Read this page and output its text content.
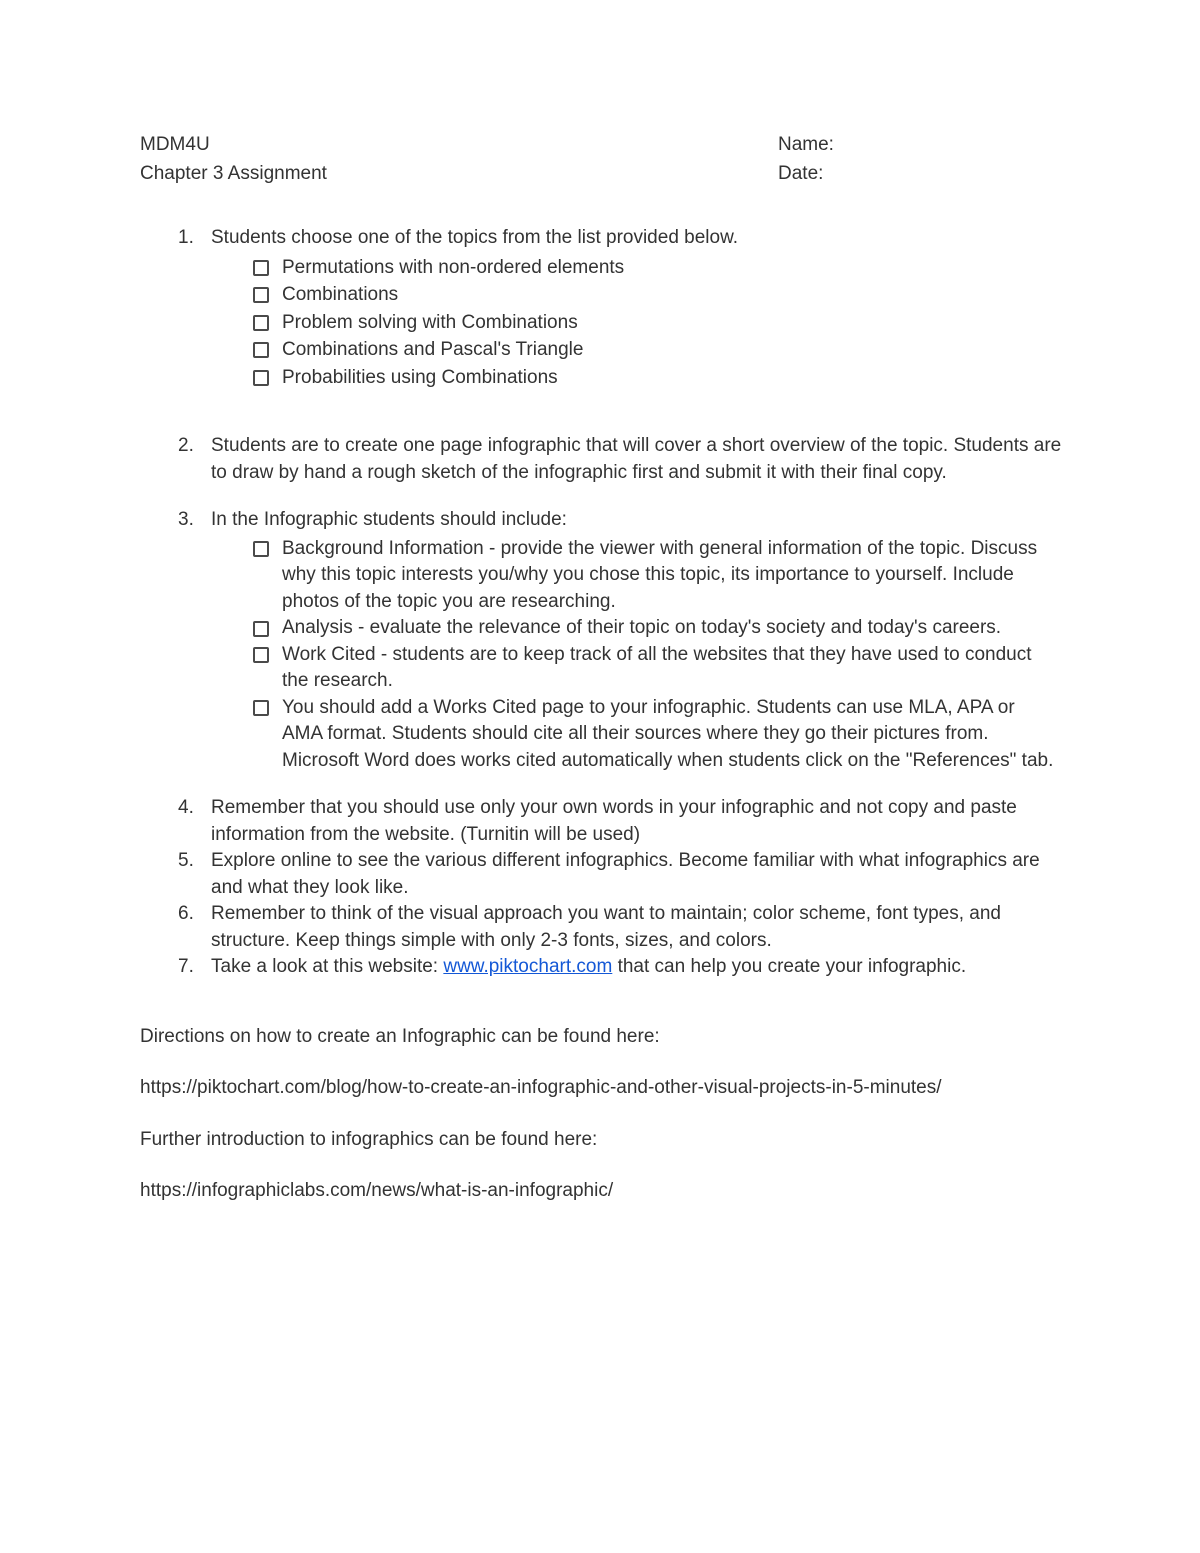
MDM4U
Chapter 3 Assignment
Name:
Date:
1. Students choose one of the topics from the list provided below.
Permutations with non-ordered elements
Combinations
Problem solving with Combinations
Combinations and Pascal's Triangle
Probabilities using Combinations
2. Students are to create one page infographic that will cover a short overview of the topic. Students are to draw by hand a rough sketch of the infographic first and submit it with their final copy.
3. In the Infographic students should include:
Background Information - provide the viewer with general information of the topic. Discuss why this topic interests you/why you chose this topic, its importance to yourself. Include photos of the topic you are researching.
Analysis - evaluate the relevance of their topic on today's society and today's careers.
Work Cited - students are to keep track of all the websites that they have used to conduct the research.
You should add a Works Cited page to your infographic. Students can use MLA, APA or AMA format. Students should cite all their sources where they go their pictures from. Microsoft Word does works cited automatically when students click on the "References" tab.
4. Remember that you should use only your own words in your infographic and not copy and paste information from the website. (Turnitin will be used)
5. Explore online to see the various different infographics. Become familiar with what infographics are and what they look like.
6. Remember to think of the visual approach you want to maintain; color scheme, font types, and structure. Keep things simple with only 2-3 fonts, sizes, and colors.
7. Take a look at this website: www.piktochart.com that can help you create your infographic.

Directions on how to create an Infographic can be found here:

https://piktochart.com/blog/how-to-create-an-infographic-and-other-visual-projects-in-5-minutes/

Further introduction to infographics can be found here:

https://infographiclabs.com/news/what-is-an-infographic/
